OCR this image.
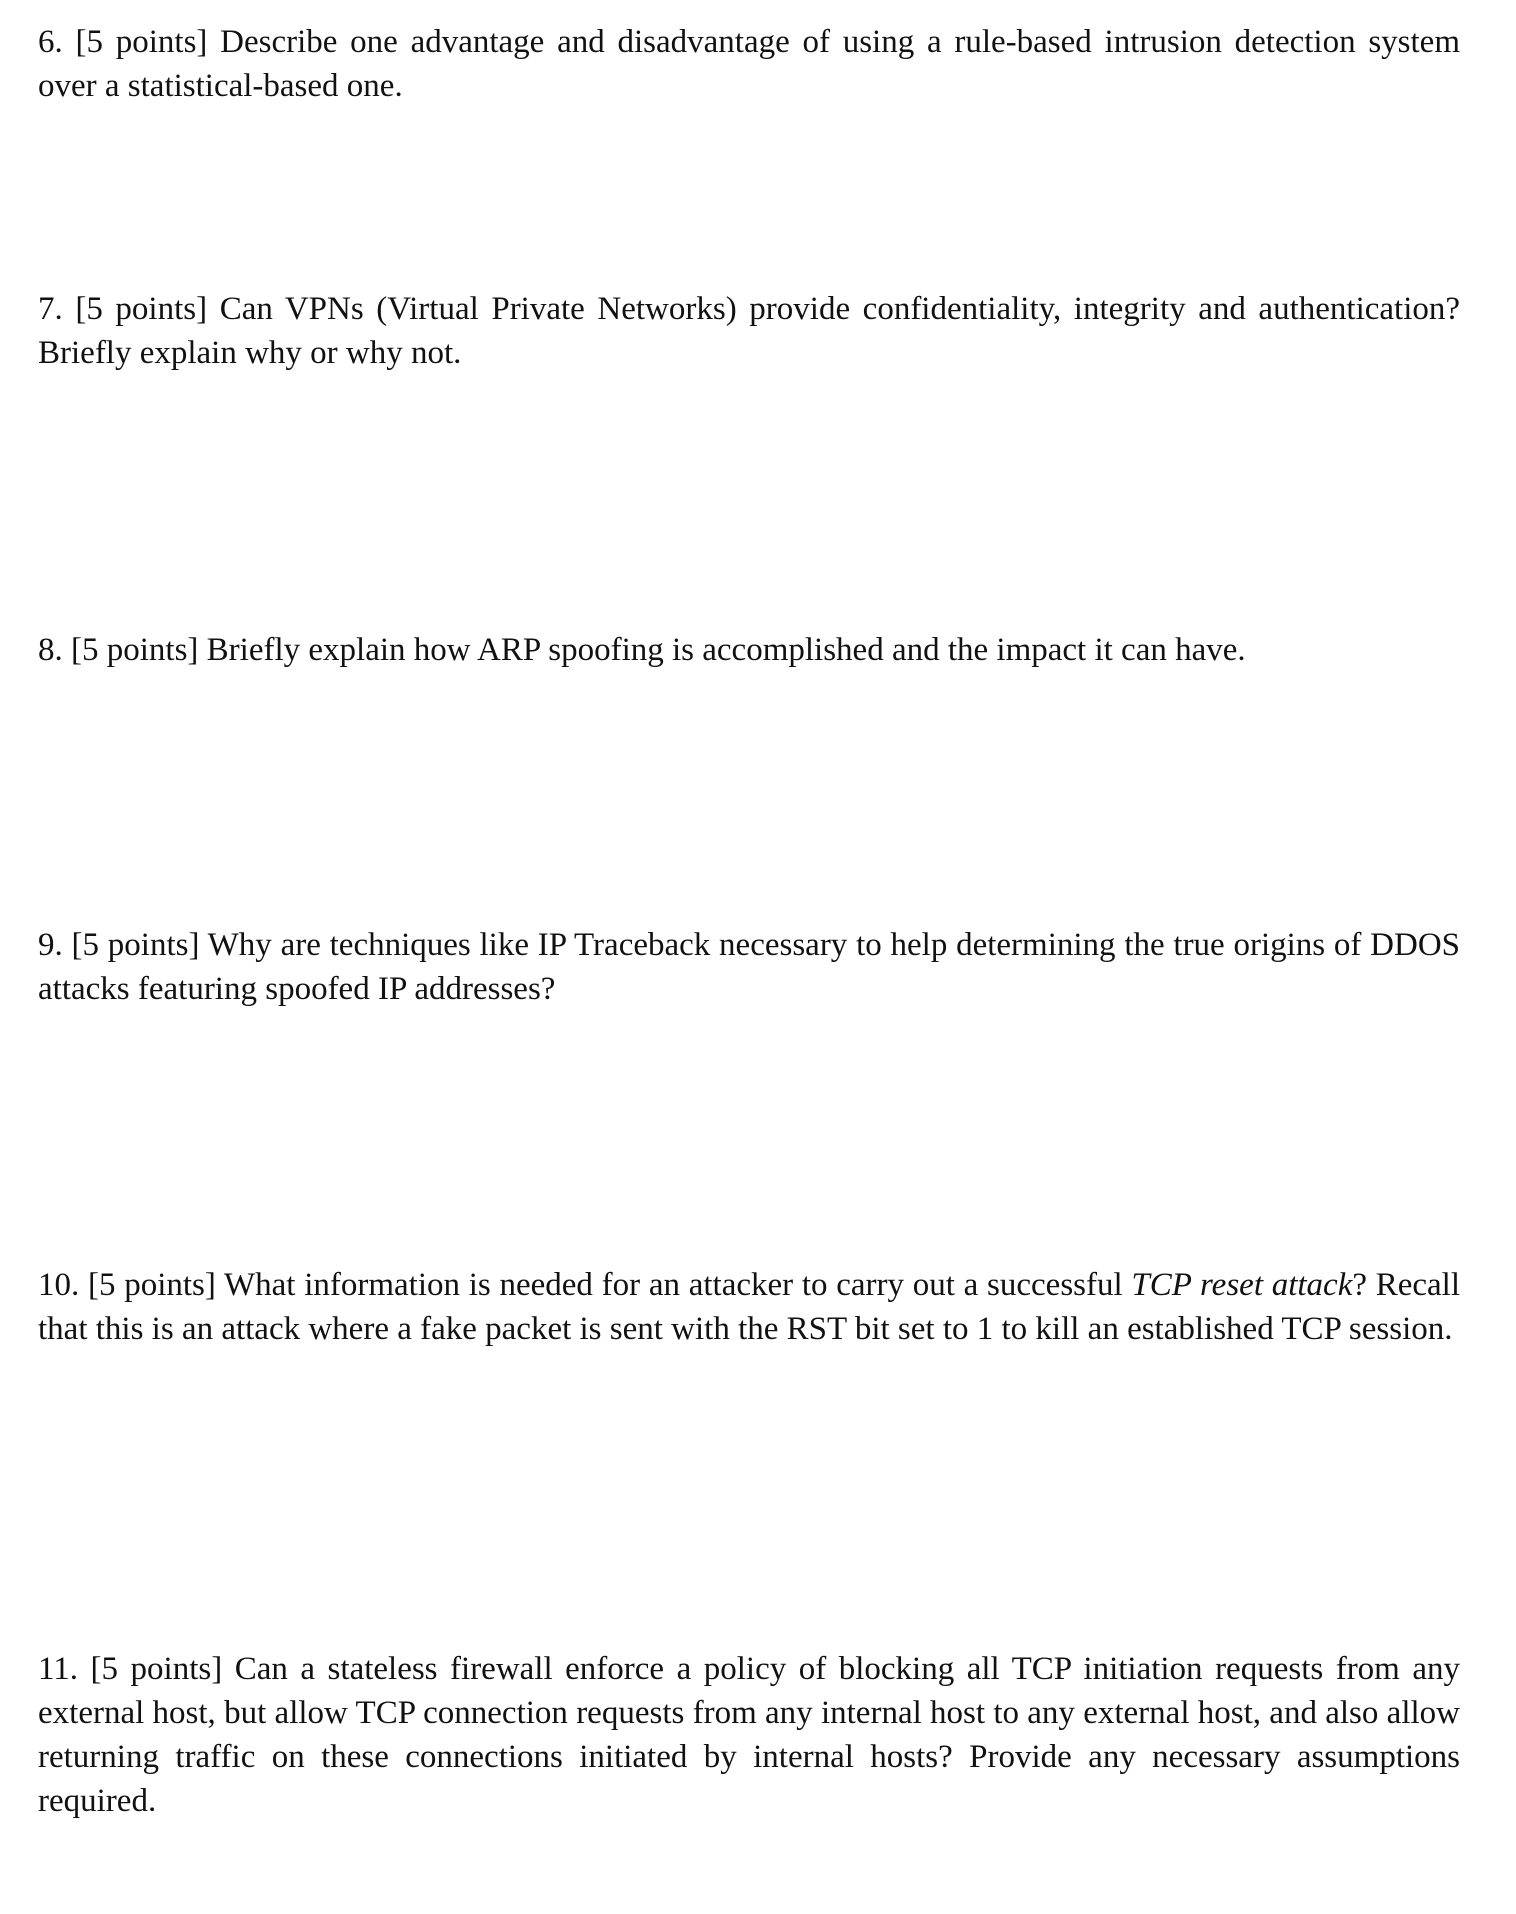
6. [5 points] Describe one advantage and disadvantage of using a rule-based intrusion detection system over a statistical-based one.

7. [5 points] Can VPNs (Virtual Private Networks) provide confidentiality, integrity and authentication? Briefly explain why or why not.

8. [5 points] Briefly explain how ARP spoofing is accomplished and the impact it can have.

9. [5 points] Why are techniques like IP Traceback necessary to help determining the true origins of DDOS attacks featuring spoofed IP addresses?

10. [5 points] What information is needed for an attacker to carry out a successful TCP reset attack? Recall that this is an attack where a fake packet is sent with the RST bit set to 1 to kill an established TCP session.

11. [5 points] Can a stateless firewall enforce a policy of blocking all TCP initiation requests from any external host, but allow TCP connection requests from any internal host to any external host, and also allow returning traffic on these connections initiated by internal hosts? Provide any necessary assumptions required.
